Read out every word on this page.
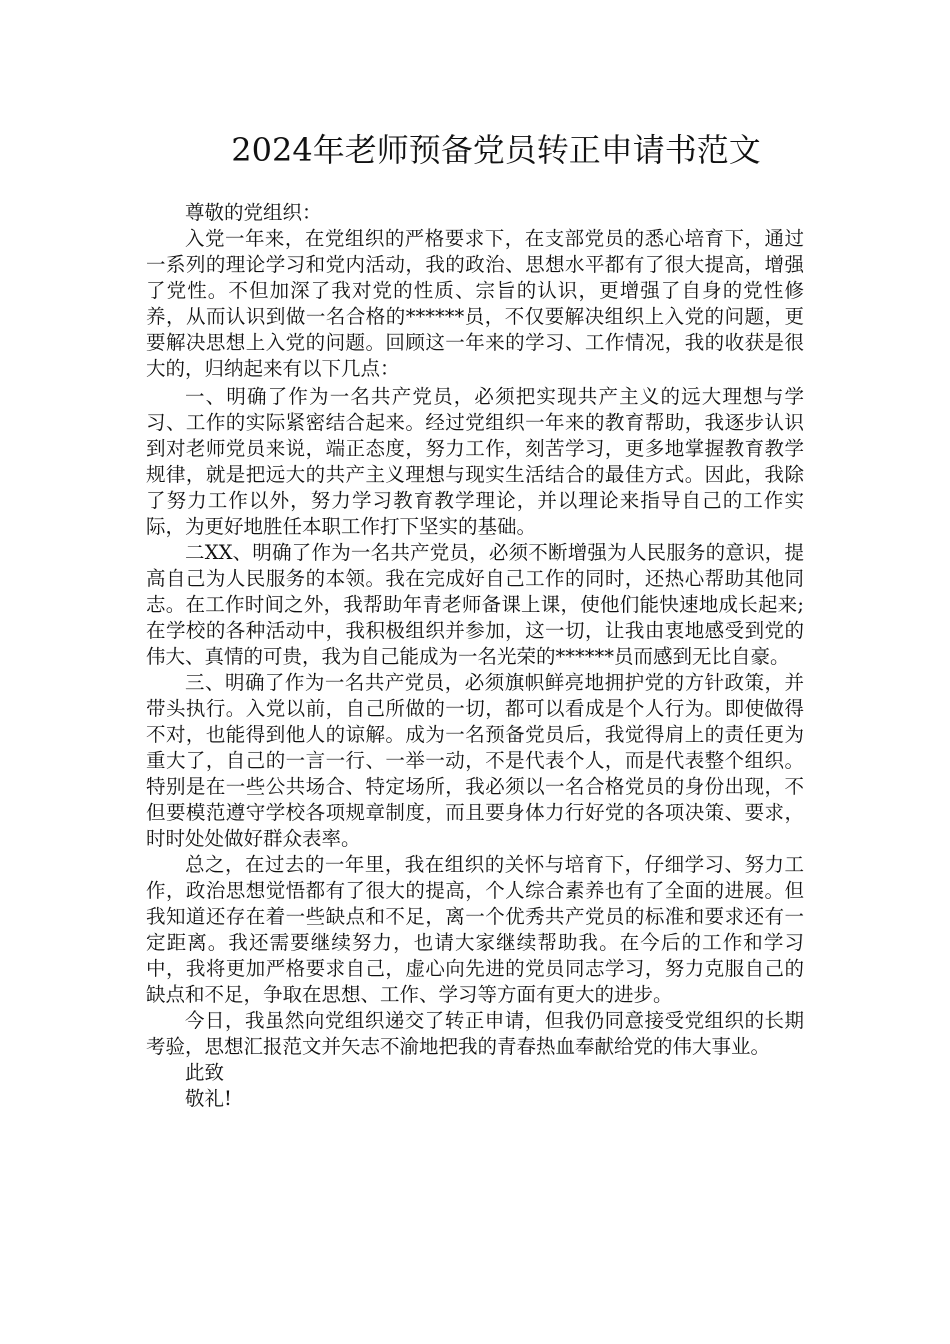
2024年老师预备党员转正申请书范文

尊敬的党组织：

入党一年来，在党组织的严格要求下，在支部党员的悉心培育下，通过一系列的理论学习和党内活动，我的政治、思想水平都有了很大提高，增强了党性。不但加深了我对党的性质、宗旨的认识，更增强了自身的党性修养，从而认识到做一名合格的******员，不仅要解决组织上入党的问题，更要解决思想上入党的问题。回顾这一年来的学习、工作情况，我的收获是很大的，归纳起来有以下几点：

一、明确了作为一名共产党员，必须把实现共产主义的远大理想与学习、工作的实际紧密结合起来。经过党组织一年来的教育帮助，我逐步认识到对老师党员来说，端正态度，努力工作，刻苦学习，更多地掌握教育教学规律，就是把远大的共产主义理想与现实生活结合的最佳方式。因此，我除了努力工作以外，努力学习教育教学理论，并以理论来指导自己的工作实际，为更好地胜任本职工作打下坚实的基础。

二XX、明确了作为一名共产党员，必须不断增强为人民服务的意识，提高自己为人民服务的本领。我在完成好自己工作的同时，还热心帮助其他同志。在工作时间之外，我帮助年青老师备课上课，使他们能快速地成长起来;在学校的各种活动中，我积极组织并参加，这一切，让我由衷地感受到党的伟大、真情的可贵，我为自己能成为一名光荣的******员而感到无比自豪。

三、明确了作为一名共产党员，必须旗帜鲜亮地拥护党的方针政策，并带头执行。入党以前，自己所做的一切，都可以看成是个人行为。即使做得不对，也能得到他人的谅解。成为一名预备党员后，我觉得肩上的责任更为重大了，自己的一言一行、一举一动，不是代表个人，而是代表整个组织。特别是在一些公共场合、特定场所，我必须以一名合格党员的身份出现，不但要模范遵守学校各项规章制度，而且要身体力行好党的各项决策、要求，时时处处做好群众表率。

总之，在过去的一年里，我在组织的关怀与培育下，仔细学习、努力工作，政治思想觉悟都有了很大的提高，个人综合素养也有了全面的进展。但我知道还存在着一些缺点和不足，离一个优秀共产党员的标准和要求还有一定距离。我还需要继续努力，也请大家继续帮助我。在今后的工作和学习中，我将更加严格要求自己，虚心向先进的党员同志学习，努力克服自己的缺点和不足，争取在思想、工作、学习等方面有更大的进步。

今日，我虽然向党组织递交了转正申请，但我仍同意接受党组织的长期考验，思想汇报范文并矢志不渝地把我的青春热血奉献给党的伟大事业。

此致

敬礼!
